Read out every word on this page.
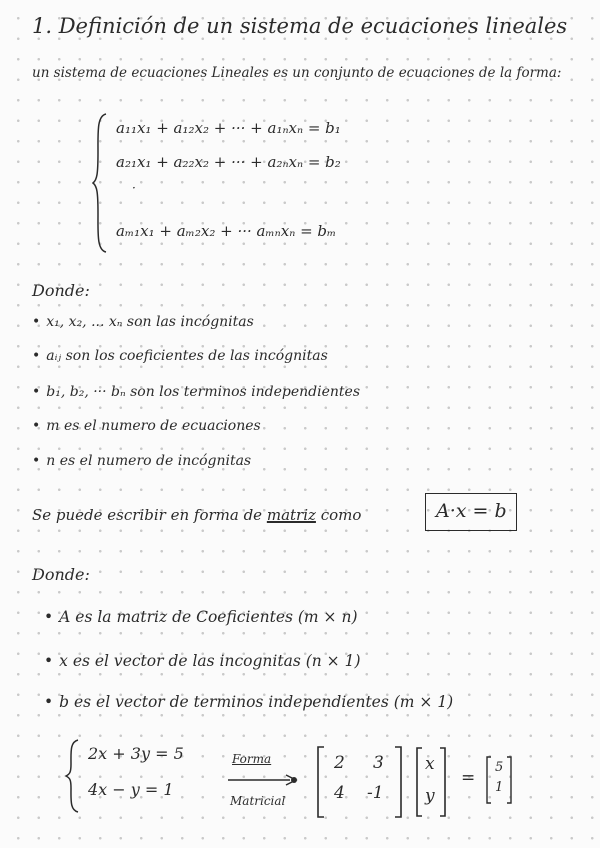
1. Definición de un sistema de ecuaciones lineales
un sistema de ecuaciones Lineales es un conjunto de ecuaciones de la forma:
a₁₁x₁ + a₁₂x₂ + ··· + a₁ₙxₙ = b₁
a₂₁x₁ + a₂₂x₂ + ··· + a₂ₙxₙ = b₂
·
aₘ₁x₁ + aₘ₂x₂ + ··· aₘₙxₙ = bₘ
Donde:
• x₁, x₂, ... xₙ son las incógnitas
• aᵢⱼ son los coeficientes de las incógnitas
• b₁, b₂, ··· bₙ son los terminos independientes
• m es el numero de ecuaciones
• n es el numero de incógnitas
Se puede escribir en forma de matriz como	A·x = b
Donde:
• A es la matriz de Coeficientes (m × n)
• x es el vector de las incognitas (n × 1)
• b es el vector de terminos independientes (m × 1)
2x + 3y = 5
4x − y = 1
Forma
Matricial
2 3
4 -1
x
y
=
5
1
